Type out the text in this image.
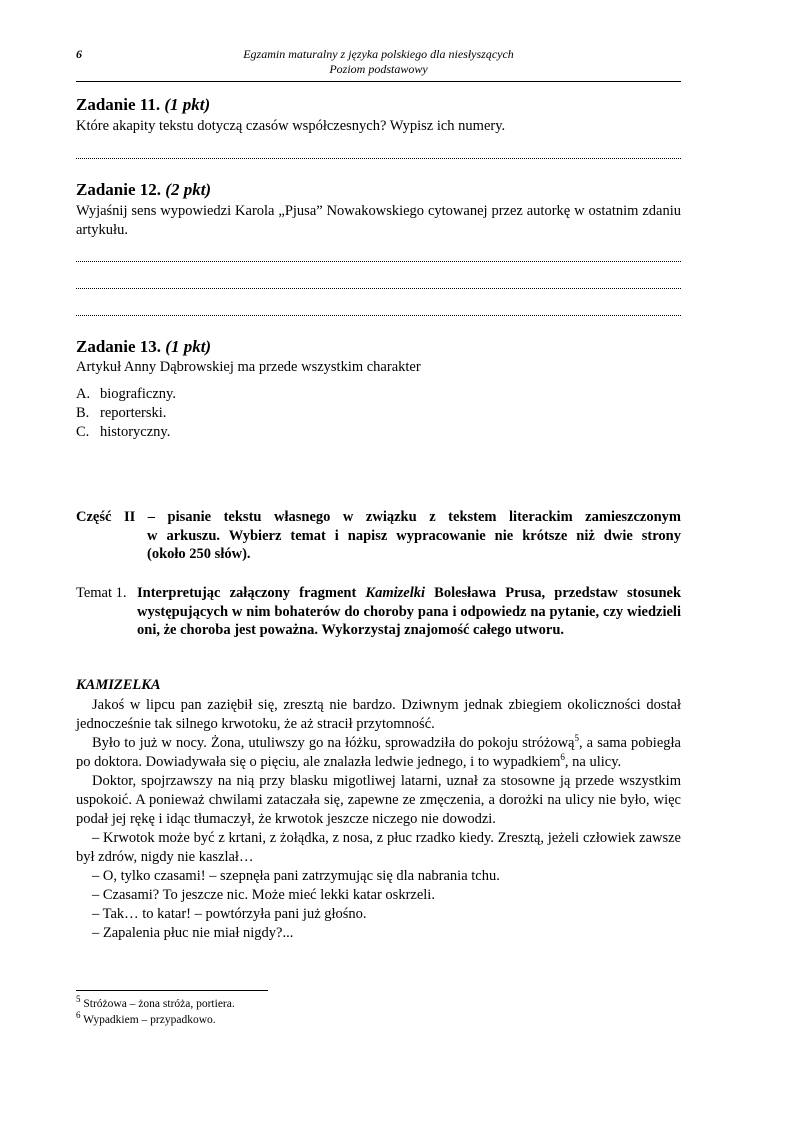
6	Egzamin maturalny z języka polskiego dla niesłyszących
Poziom podstawowy
Zadanie 11. (1 pkt)
Które akapity tekstu dotyczą czasów współczesnych? Wypisz ich numery.
Zadanie 12. (2 pkt)
Wyjaśnij sens wypowiedzi Karola „Pjusa” Nowakowskiego cytowanej przez autorkę w ostatnim zdaniu artykułu.
Zadanie 13. (1 pkt)
Artykuł Anny Dąbrowskiej ma przede wszystkim charakter
A. biograficzny.
B. reporterski.
C. historyczny.
Część II – pisanie tekstu własnego w związku z tekstem literackim zamieszczonym
w arkuszu. Wybierz temat i napisz wypracowanie nie krótsze niż dwie strony
(około 250 słów).
Temat 1. Interpretując załączony fragment Kamizelki Bolesława Prusa, przedstaw stosunek występujących w nim bohaterów do choroby pana i odpowiedz na pytanie, czy wiedzieli oni, że choroba jest poważna. Wykorzystaj znajomość całego utworu.
KAMIZELKA

Jakoś w lipcu pan zaziębił się, zresztą nie bardzo. Dziwnym jednak zbiegiem okoliczności dostał jednocześnie tak silnego krwotoku, że aż stracił przytomność.

Było to już w nocy. Żona, utuliwszy go na łóżku, sprowadziła do pokoju stróżową$^5$, a sama pobiegła po doktora. Dowiadywała się o pięciu, ale znalazła ledwie jednego, i to wypadkiem$^6$, na ulicy.

Doktor, spojrzawszy na nią przy blasku migotliwej latarni, uznał za stosowne ją przede wszystkim uspokoić. A ponieważ chwilami zataczała się, zapewne ze zmęczenia, a dorożki na ulicy nie było, więc podał jej rękę i idąc tłumaczył, że krwotok jeszcze niczego nie dowodzi.

– Krwotok może być z krtani, z żołądka, z nosa, z płuc rzadko kiedy. Zresztą, jeżeli człowiek zawsze był zdrów, nigdy nie kaszlał…

– O, tylko czasami! – szepnęła pani zatrzymując się dla nabrania tchu.

– Czasami? To jeszcze nic. Może mieć lekki katar oskrzeli.

– Tak… to katar! – powtórzyła pani już głośno.

– Zapalenia płuc nie miał nigdy?...

$^5$ Stróżowa – żona stróża, portiera.
$^6$ Wypadkiem – przypadkowo.
